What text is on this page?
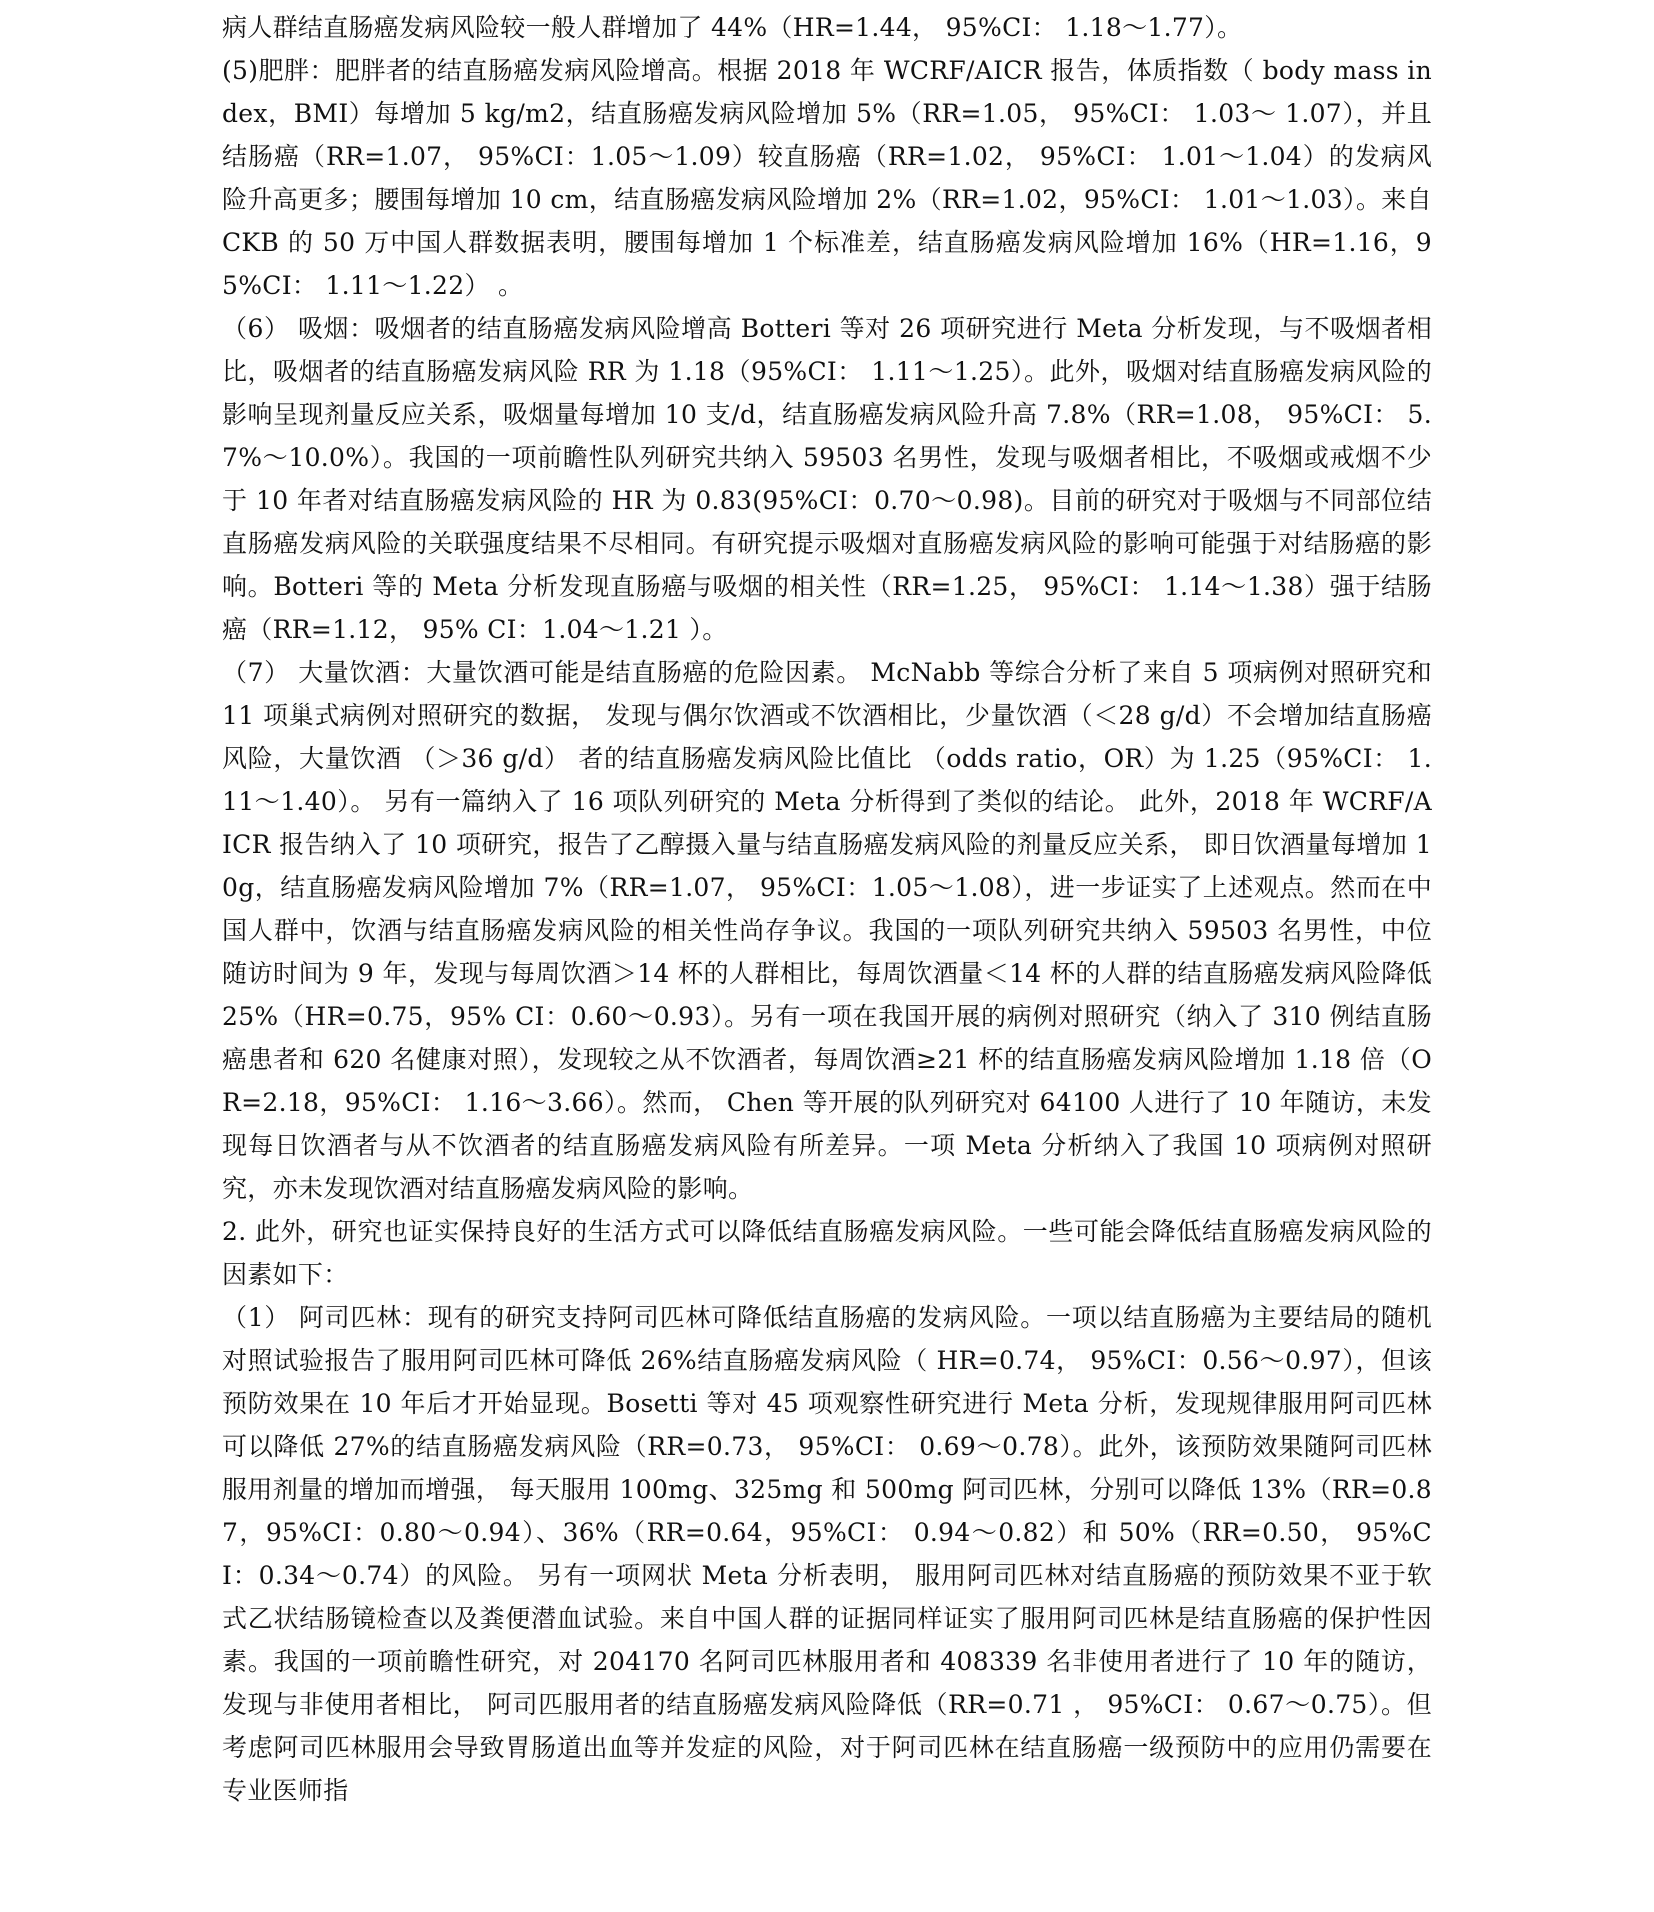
病人群结直肠癌发病风险较一般人群增加了 44%（HR=1.44， 95%CI： 1.18～1.77）。

(5)肥胖：肥胖者的结直肠癌发病风险增高。根据 2018 年 WCRF/AICR 报告，体质指数（ body mass index，BMI）每增加 5 kg/m2，结直肠癌发病风险增加 5%（RR=1.05， 95%CI： 1.03～ 1.07），并且结肠癌（RR=1.07， 95%CI：1.05～1.09）较直肠癌（RR=1.02， 95%CI： 1.01～1.04）的发病风险升高更多；腰围每增加 10 cm，结直肠癌发病风险增加 2%（RR=1.02，95%CI： 1.01～1.03）。来自 CKB 的 50 万中国人群数据表明，腰围每增加 1 个标准差，结直肠癌发病风险增加 16%（HR=1.16，95%CI： 1.11～1.22） 。

（6） 吸烟：吸烟者的结直肠癌发病风险增高 Botteri 等对 26 项研究进行 Meta 分析发现，与不吸烟者相比，吸烟者的结直肠癌发病风险 RR 为 1.18（95%CI： 1.11～1.25）。此外，吸烟对结直肠癌发病风险的影响呈现剂量反应关系，吸烟量每增加 10 支/d，结直肠癌发病风险升高 7.8%（RR=1.08， 95%CI： 5.7%～10.0%）。我国的一项前瞻性队列研究共纳入 59503 名男性，发现与吸烟者相比，不吸烟或戒烟不少于 10 年者对结直肠癌发病风险的 HR 为 0.83(95%CI：0.70～0.98)。目前的研究对于吸烟与不同部位结直肠癌发病风险的关联强度结果不尽相同。有研究提示吸烟对直肠癌发病风险的影响可能强于对结肠癌的影响。Botteri 等的 Meta 分析发现直肠癌与吸烟的相关性（RR=1.25， 95%CI： 1.14～1.38）强于结肠癌（RR=1.12， 95% CI：1.04～1.21 ）。

（7） 大量饮酒：大量饮酒可能是结直肠癌的危险因素。 McNabb 等综合分析了来自 5 项病例对照研究和 11 项巢式病例对照研究的数据， 发现与偶尔饮酒或不饮酒相比，少量饮酒（＜28 g/d）不会增加结直肠癌风险，大量饮酒 （＞36 g/d） 者的结直肠癌发病风险比值比 （odds ratio，OR）为 1.25（95%CI： 1.11～1.40）。 另有一篇纳入了 16 项队列研究的 Meta 分析得到了类似的结论。 此外，2018 年 WCRF/AICR 报告纳入了 10 项研究，报告了乙醇摄入量与结直肠癌发病风险的剂量反应关系， 即日饮酒量每增加 10g，结直肠癌发病风险增加 7%（RR=1.07， 95%CI：1.05～1.08），进一步证实了上述观点。然而在中国人群中，饮酒与结直肠癌发病风险的相关性尚存争议。我国的一项队列研究共纳入 59503 名男性，中位随访时间为 9 年，发现与每周饮酒＞14 杯的人群相比，每周饮酒量＜14 杯的人群的结直肠癌发病风险降低 25%（HR=0.75，95% CI：0.60～0.93）。另有一项在我国开展的病例对照研究（纳入了 310 例结直肠癌患者和 620 名健康对照），发现较之从不饮酒者，每周饮酒≥21 杯的结直肠癌发病风险增加 1.18 倍（OR=2.18，95%CI： 1.16～3.66）。然而， Chen 等开展的队列研究对 64100 人进行了 10 年随访，未发现每日饮酒者与从不饮酒者的结直肠癌发病风险有所差异。一项 Meta 分析纳入了我国 10 项病例对照研究，亦未发现饮酒对结直肠癌发病风险的影响。

2. 此外，研究也证实保持良好的生活方式可以降低结直肠癌发病风险。一些可能会降低结直肠癌发病风险的因素如下：

（1） 阿司匹林：现有的研究支持阿司匹林可降低结直肠癌的发病风险。一项以结直肠癌为主要结局的随机对照试验报告了服用阿司匹林可降低 26%结直肠癌发病风险（ HR=0.74， 95%CI：0.56～0.97），但该预防效果在 10 年后才开始显现。Bosetti 等对 45 项观察性研究进行 Meta 分析，发现规律服用阿司匹林可以降低 27%的结直肠癌发病风险（RR=0.73， 95%CI： 0.69～0.78）。此外，该预防效果随阿司匹林服用剂量的增加而增强， 每天服用 100mg、325mg 和 500mg 阿司匹林，分别可以降低 13%（RR=0.87，95%CI：0.80～0.94）、36%（RR=0.64，95%CI： 0.94～0.82）和 50%（RR=0.50， 95%CI：0.34～0.74）的风险。 另有一项网状 Meta 分析表明， 服用阿司匹林对结直肠癌的预防效果不亚于软式乙状结肠镜检查以及粪便潜血试验。来自中国人群的证据同样证实了服用阿司匹林是结直肠癌的保护性因素。我国的一项前瞻性研究，对 204170 名阿司匹林服用者和 408339 名非使用者进行了 10 年的随访，发现与非使用者相比， 阿司匹服用者的结直肠癌发病风险降低（RR=0.71 ， 95%CI： 0.67～0.75）。但考虑阿司匹林服用会导致胃肠道出血等并发症的风险，对于阿司匹林在结直肠癌一级预防中的应用仍需要在专业医师指
